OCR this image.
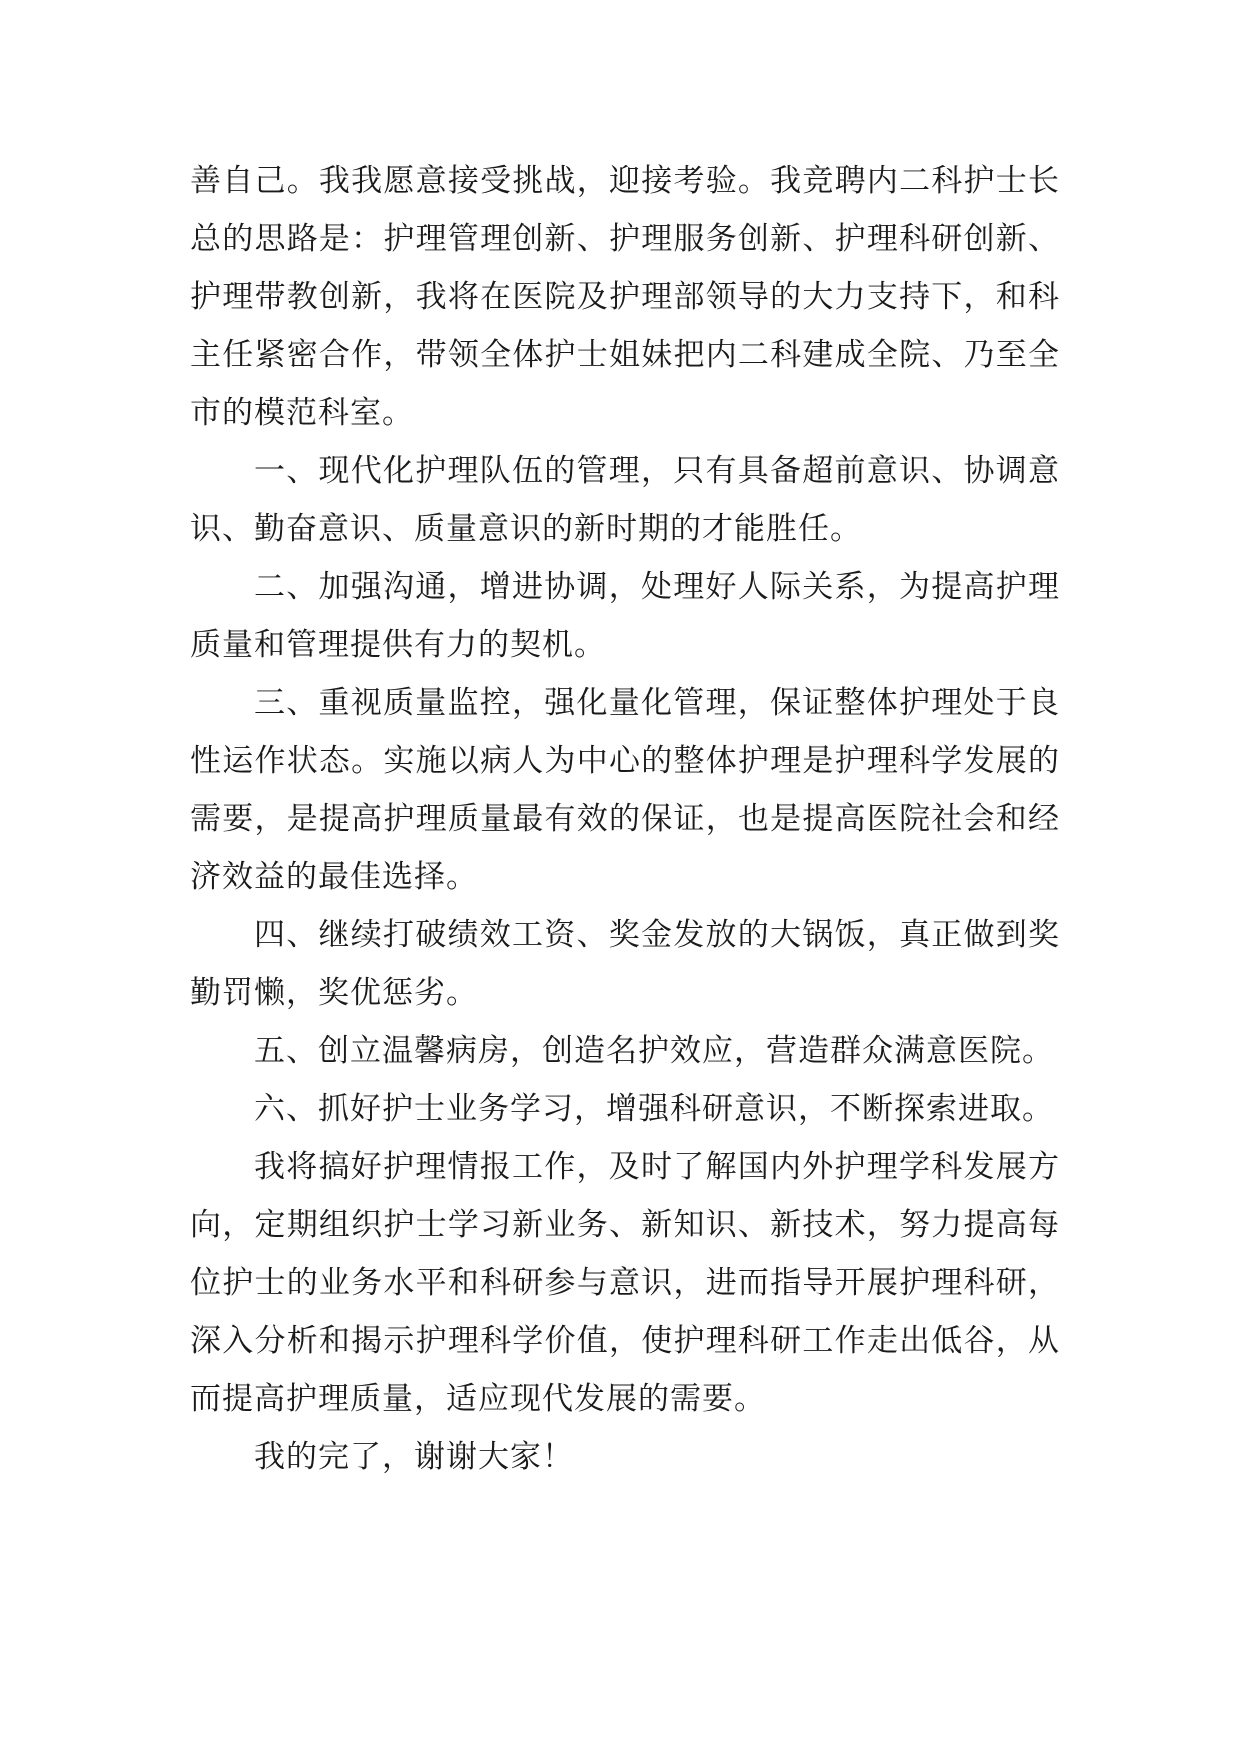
善自己。我我愿意接受挑战，迎接考验。我竞聘内二科护士长总的思路是：护理管理创新、护理服务创新、护理科研创新、护理带教创新，我将在医院及护理部领导的大力支持下，和科主任紧密合作，带领全体护士姐妹把内二科建成全院、乃至全市的模范科室。

一、现代化护理队伍的管理，只有具备超前意识、协调意识、勤奋意识、质量意识的新时期的才能胜任。

二、加强沟通，增进协调，处理好人际关系，为提高护理质量和管理提供有力的契机。

三、重视质量监控，强化量化管理，保证整体护理处于良性运作状态。实施以病人为中心的整体护理是护理科学发展的需要，是提高护理质量最有效的保证，也是提高医院社会和经济效益的最佳选择。

四、继续打破绩效工资、奖金发放的大锅饭，真正做到奖勤罚懒，奖优惩劣。

五、创立温馨病房，创造名护效应，营造群众满意医院。

六、抓好护士业务学习，增强科研意识，不断探索进取。

我将搞好护理情报工作，及时了解国内外护理学科发展方向，定期组织护士学习新业务、新知识、新技术，努力提高每位护士的业务水平和科研参与意识，进而指导开展护理科研，深入分析和揭示护理科学价值，使护理科研工作走出低谷，从而提高护理质量，适应现代发展的需要。

我的完了，谢谢大家！
